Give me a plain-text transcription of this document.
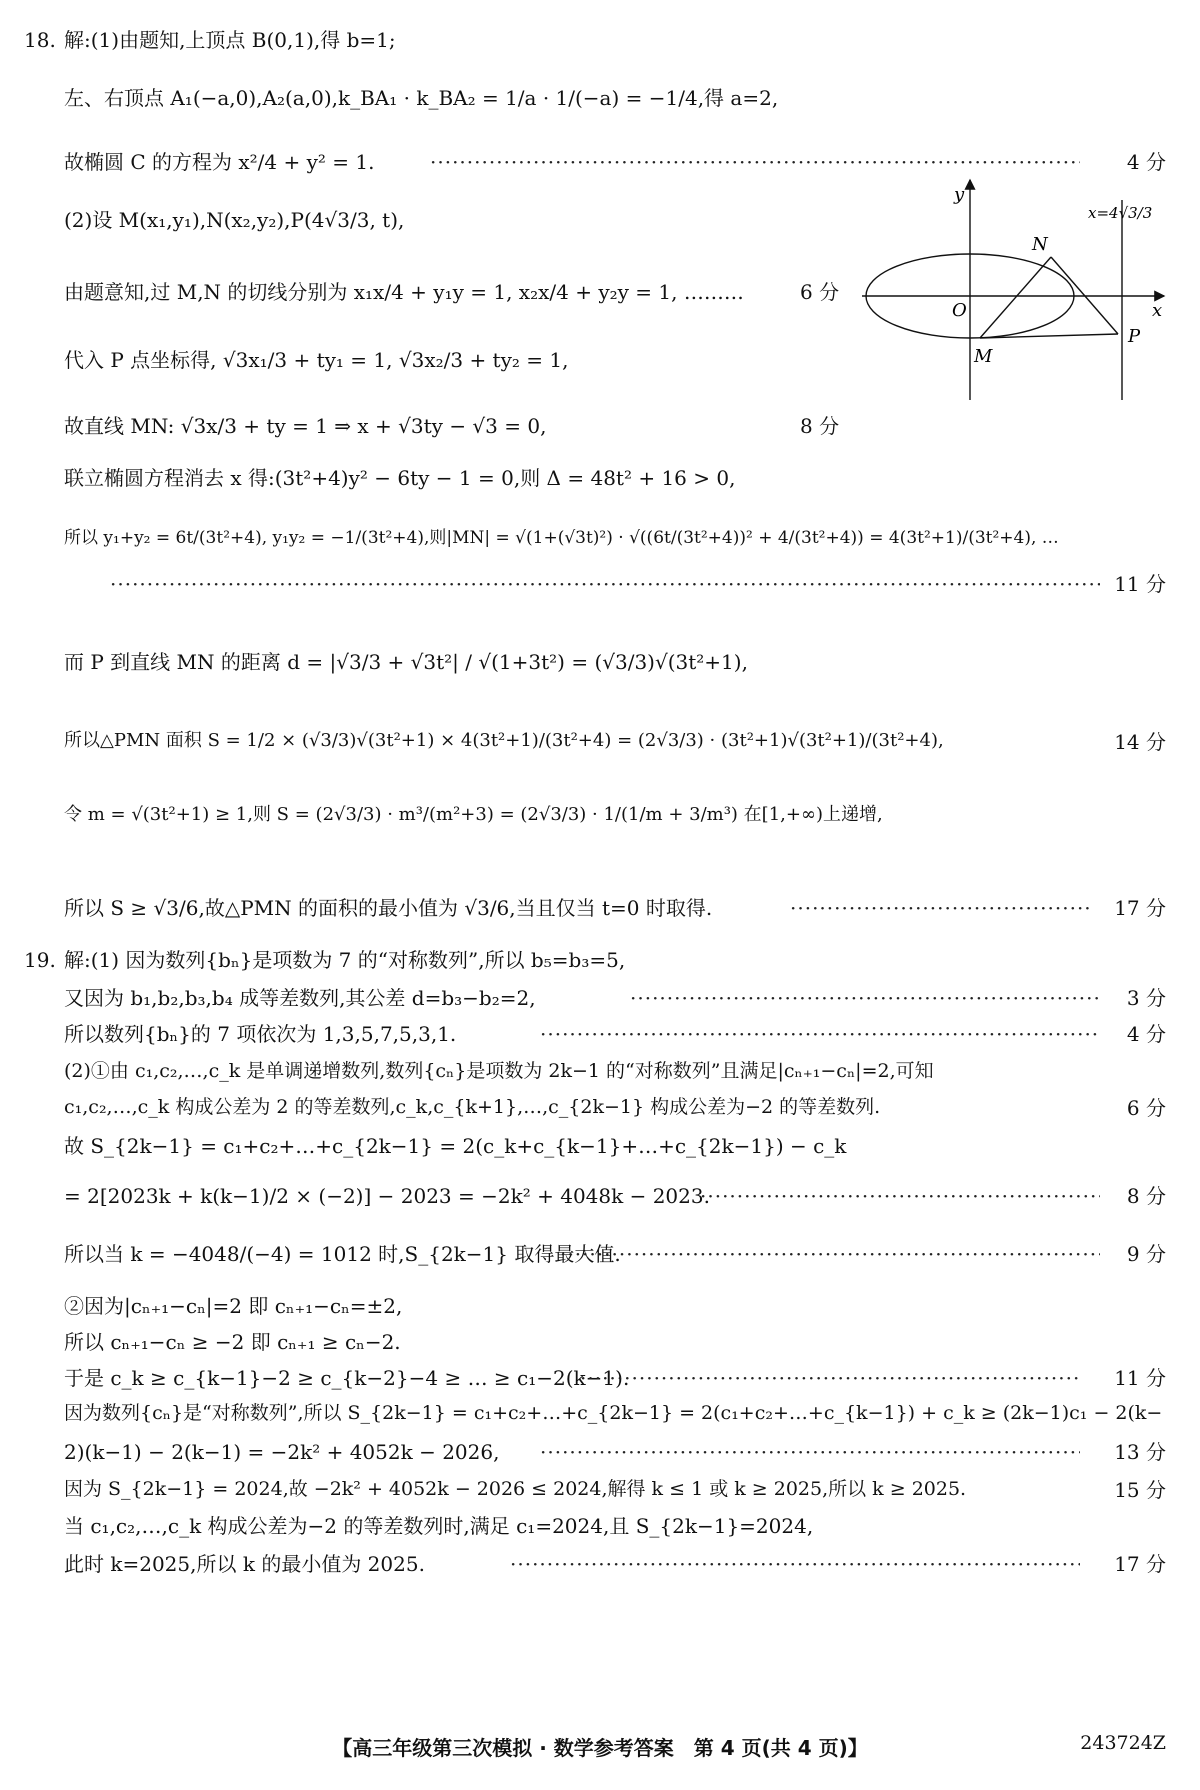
18. 解:(1)由题知,上顶点 B(0,1),得 b=1;
左、右顶点 A₁(−a,0),A₂(a,0),k_BA₁ · k_BA₂ = 1/a · 1/(−a) = −1/4,得 a=2,
故椭圆 C 的方程为 x²/4 + y² = 1. ·····	4 分
(2)设 M(x₁,y₁),N(x₂,y₂),P(4√3/3, t),
由题意知,过 M,N 的切线分别为 x₁x/4 + y₁y = 1, x₂x/4 + y₂y = 1, ………	6 分
代入 P 点坐标得, √3x₁/3 + ty₁ = 1, √3x₂/3 + ty₂ = 1,
故直线 MN: √3x/3 + ty = 1 ⇒ x + √3ty − √3 = 0,	8 分
y
x
O
N
M
P
x=4√3/3
联立椭圆方程消去 x 得:(3t²+4)y² − 6ty − 1 = 0,则 Δ = 48t² + 16 > 0,
所以 y₁+y₂ = 6t/(3t²+4), y₁y₂ = −1/(3t²+4),则|MN| = √(1+(√3t)²) · √((6t/(3t²+4))² + 4/(3t²+4)) = 4(3t²+1)/(3t²+4), …
·····
11 分
而 P 到直线 MN 的距离 d = |√3/3 + √3t²| / √(1+3t²) = (√3/3)√(3t²+1),
所以△PMN 面积 S = 1/2 × (√3/3)√(3t²+1) × 4(3t²+1)/(3t²+4) = (2√3/3) · (3t²+1)√(3t²+1)/(3t²+4),	14 分
令 m = √(3t²+1) ≥ 1,则 S = (2√3/3) · m³/(m²+3) = (2√3/3) · 1/(1/m + 3/m³) 在[1,+∞)上递增,
所以 S ≥ √3/6,故△PMN 的面积的最小值为 √3/6,当且仅当 t=0 时取得. ·····	17 分
19. 解:(1) 因为数列{bₙ}是项数为 7 的“对称数列”,所以 b₅=b₃=5,
又因为 b₁,b₂,b₃,b₄ 成等差数列,其公差 d=b₃−b₂=2, ·····	3 分
所以数列{bₙ}的 7 项依次为 1,3,5,7,5,3,1. ·····	4 分
(2)①由 c₁,c₂,…,c_k 是单调递增数列,数列{cₙ}是项数为 2k−1 的“对称数列”且满足|cₙ₊₁−cₙ|=2,可知
c₁,c₂,…,c_k 构成公差为 2 的等差数列,c_k,c_{k+1},…,c_{2k−1} 构成公差为−2 的等差数列.	6 分
故 S_{2k−1} = c₁+c₂+…+c_{2k−1} = 2(c_k+c_{k−1}+…+c_{2k−1}) − c_k
= 2[2023k + k(k−1)/2 × (−2)] − 2023 = −2k² + 4048k − 2023. ·····	8 分
所以当 k = −4048/(−4) = 1012 时,S_{2k−1} 取得最大值. ·····	9 分
②因为|cₙ₊₁−cₙ|=2 即 cₙ₊₁−cₙ=±2,
所以 cₙ₊₁−cₙ ≥ −2 即 cₙ₊₁ ≥ cₙ−2.
于是 c_k ≥ c_{k−1}−2 ≥ c_{k−2}−4 ≥ … ≥ c₁−2(k−1). ·····	11 分
因为数列{cₙ}是“对称数列”,所以 S_{2k−1} = c₁+c₂+…+c_{2k−1} = 2(c₁+c₂+…+c_{k−1}) + c_k ≥ (2k−1)c₁ − 2(k−
2)(k−1) − 2(k−1) = −2k² + 4052k − 2026, ·····	13 分
因为 S_{2k−1} = 2024,故 −2k² + 4052k − 2026 ≤ 2024,解得 k ≤ 1 或 k ≥ 2025,所以 k ≥ 2025.	15 分
当 c₁,c₂,…,c_k 构成公差为−2 的等差数列时,满足 c₁=2024,且 S_{2k−1}=2024,
此时 k=2025,所以 k 的最小值为 2025. ·····	17 分
【高三年级第三次模拟 · 数学参考答案　第 4 页(共 4 页)】	243724Z
